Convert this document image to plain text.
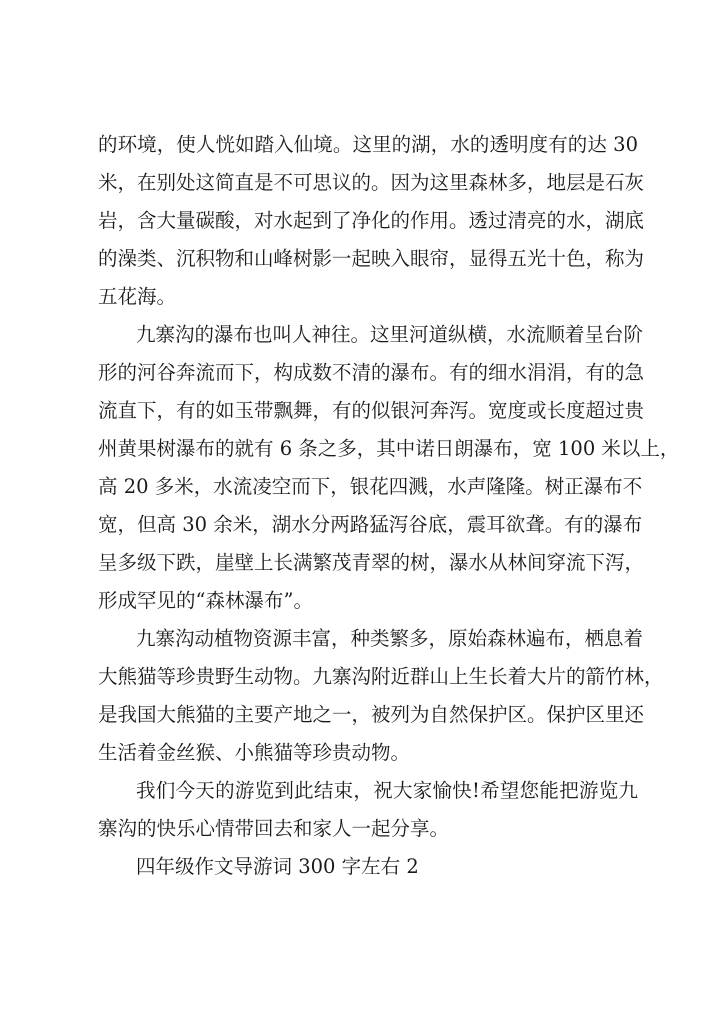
的环境，使人恍如踏入仙境。这里的湖，水的透明度有的达 30
米，在别处这简直是不可思议的。因为这里森林多，地层是石灰
岩，含大量碳酸，对水起到了净化的作用。透过清亮的水，湖底
的澡类、沉积物和山峰树影一起映入眼帘，显得五光十色，称为
五花海。
九寨沟的瀑布也叫人神往。这里河道纵横，水流顺着呈台阶
形的河谷奔流而下，构成数不清的瀑布。有的细水涓涓，有的急
流直下，有的如玉带飘舞，有的似银河奔泻。宽度或长度超过贵
州黄果树瀑布的就有 6 条之多，其中诺日朗瀑布，宽 100 米以上，
高 20 多米，水流凌空而下，银花四溅，水声隆隆。树正瀑布不
宽，但高 30 余米，湖水分两路猛泻谷底，震耳欲聋。有的瀑布
呈多级下跌，崖壁上长满繁茂青翠的树，瀑水从林间穿流下泻，
形成罕见的“森林瀑布”。
九寨沟动植物资源丰富，种类繁多，原始森林遍布，栖息着
大熊猫等珍贵野生动物。九寨沟附近群山上生长着大片的箭竹林，
是我国大熊猫的主要产地之一，被列为自然保护区。保护区里还
生活着金丝猴、小熊猫等珍贵动物。
我们今天的游览到此结束，祝大家愉快!希望您能把游览九
寨沟的快乐心情带回去和家人一起分享。
四年级作文导游词 300 字左右 2
